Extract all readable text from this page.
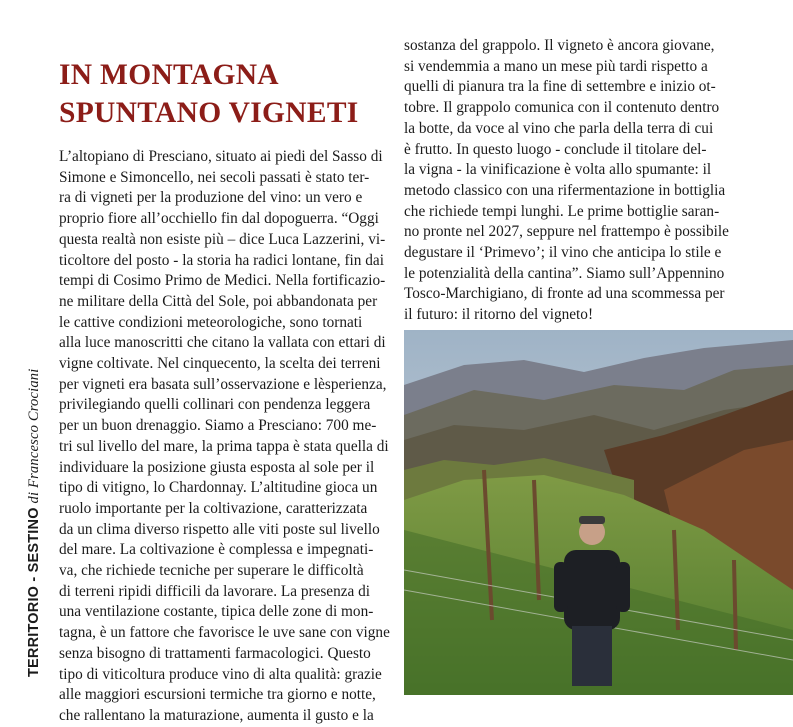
TERRITORIO - SESTINO di Francesco Crociani
IN MONTAGNA
SPUNTANO VIGNETI
L’altopiano di Presciano, situato ai piedi del Sasso di
Simone e Simoncello, nei secoli passati è stato ter-
ra di vigneti per la produzione del vino: un vero e
proprio fiore all’occhiello fin dal dopoguerra. “Oggi
questa realtà non esiste più – dice Luca Lazzerini, vi-
ticoltore del posto - la storia ha radici lontane, fin dai
tempi di Cosimo Primo de Medici. Nella fortificazio-
ne militare della Città del Sole, poi abbandonata per
le cattive condizioni meteorologiche, sono tornati
alla luce manoscritti che citano la vallata con ettari di
vigne coltivate. Nel cinquecento, la scelta dei terreni
per vigneti era basata sull’osservazione e lèsperienza,
privilegiando quelli collinari con pendenza leggera
per un buon drenaggio. Siamo a Presciano: 700 me-
tri sul livello del mare, la prima tappa è stata quella di
individuare la posizione giusta esposta al sole per il
tipo di vitigno, lo Chardonnay. L’altitudine gioca un
ruolo importante per la coltivazione, caratterizzata
da un clima diverso rispetto alle viti poste sul livello
del mare. La coltivazione è complessa e impegnati-
va, che richiede tecniche per superare le difficoltà
di terreni ripidi difficili da lavorare. La presenza di
una ventilazione costante, tipica delle zone di mon-
tagna, è un fattore che favorisce le uve sane con vigne
senza bisogno di trattamenti farmacologici. Questo
tipo di viticoltura produce vino di alta qualità: grazie
alle maggiori escursioni termiche tra giorno e notte,
che rallentano la maturazione, aumenta il gusto e la
sostanza del grappolo. Il vigneto è ancora giovane,
si vendemmia a mano un mese più tardi rispetto a
quelli di pianura tra la fine di settembre e inizio ot-
tobre. Il grappolo comunica con il contenuto dentro
la botte, da voce al vino che parla della terra di cui
è frutto. In questo luogo - conclude il titolare del-
la vigna - la vinificazione è volta allo spumante: il
metodo classico con una rifermentazione in bottiglia
che richiede tempi lunghi. Le prime bottiglie saran-
no pronte nel 2027, seppure nel frattempo è possibile
degustare il ‘Primevo’; il vino che anticipa lo stile e
le potenzialità della cantina”. Siamo sull’Appennino
Tosco-Marchigiano, di fronte ad una scommessa per
il futuro: il ritorno del vigneto!
